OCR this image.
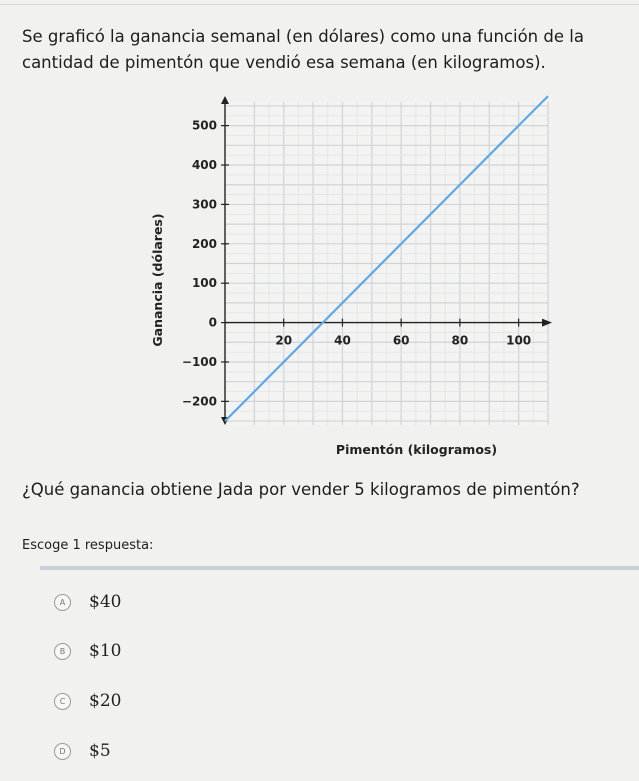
Se graficó la ganancia semanal (en dólares) como una función de la cantidad de pimentón que vendió esa semana (en kilogramos).
20	40	60	80	100
500
400
300
200
100
0
−100
−200
Pimentón (kilogramos)
Ganancia (dólares)
¿Qué ganancia obtiene Jada por vender 5 kilogramos de pimentón?
Escoge 1 respuesta:
A	$40
B	$10
C	$20
D	$5
